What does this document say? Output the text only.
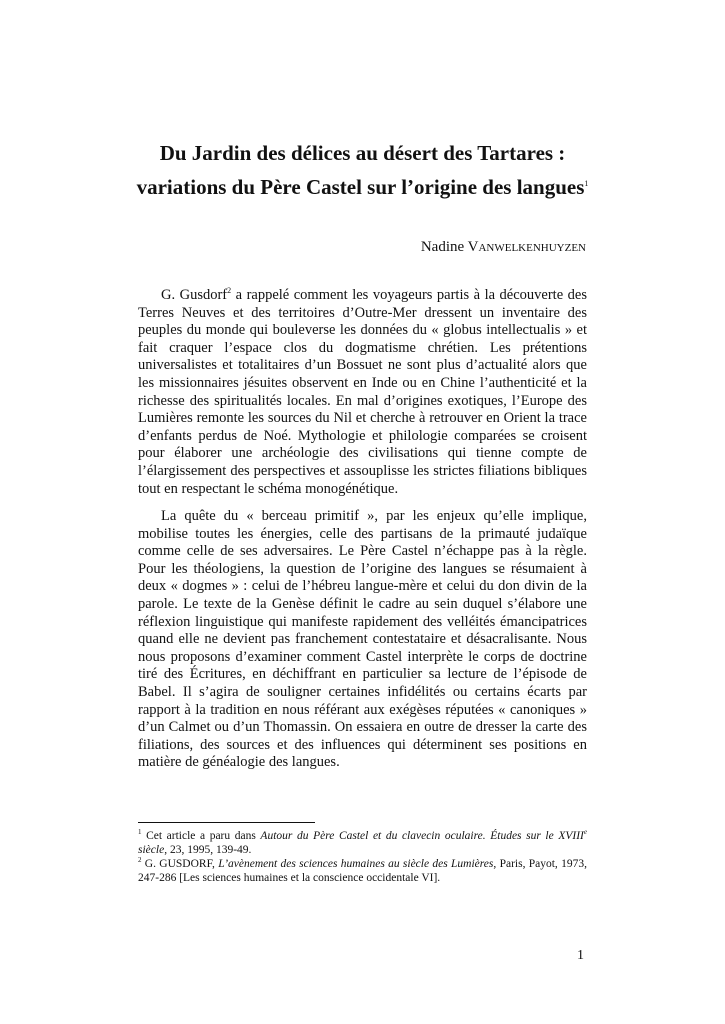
Du Jardin des délices au désert des Tartares :
variations du Père Castel sur l’origine des langues$^1$
Nadine Vanwelkenhuyzen

G. Gusdorf$^2$ a rappelé comment les voyageurs partis à la découverte des Terres Neuves et des territoires d’Outre-Mer dressent un inventaire des peuples du monde qui bouleverse les données du « globus intellectualis » et fait craquer l’espace clos du dogmatisme chrétien. Les prétentions universalistes et totalitaires d’un Bossuet ne sont plus d’actualité alors que les missionnaires jésuites observent en Inde ou en Chine l’authenticité et la richesse des spiritualités locales. En mal d’origines exotiques, l’Europe des Lumières remonte les sources du Nil et cherche à retrouver en Orient la trace d’enfants perdus de Noé. Mythologie et philologie comparées se croisent pour élaborer une archéologie des civilisations qui tienne compte de l’élargissement des perspectives et assouplisse les strictes filiations bibliques tout en respectant le schéma monogénétique.

La quête du « berceau primitif », par les enjeux qu’elle implique, mobilise toutes les énergies, celle des partisans de la primauté judaïque comme celle de ses adversaires. Le Père Castel n’échappe pas à la règle. Pour les théologiens, la question de l’origine des langues se résumaient à deux « dogmes » : celui de l’hébreu langue-mère et celui du don divin de la parole. Le texte de la Genèse définit le cadre au sein duquel s’élabore une réflexion linguistique qui manifeste rapidement des velléités émancipatrices quand elle ne devient pas franchement contestataire et désacralisante. Nous nous proposons d’examiner comment Castel interprète le corps de doctrine tiré des Écritures, en déchiffrant en particulier sa lecture de l’épisode de Babel. Il s’agira de souligner certaines infidélités ou certains écarts par rapport à la tradition en nous référant aux exégèses réputées « canoniques » d’un Calmet ou d’un Thomassin. On essaiera en outre de dresser la carte des filiations, des sources et des influences qui déterminent ses positions en matière de généalogie des langues.

$^1$ Cet article a paru dans Autour du Père Castel et du clavecin oculaire. Études sur le XVIIIe siècle, 23, 1995, 139-49.

$^2$ G. GUSDORF, L’avènement des sciences humaines au siècle des Lumières, Paris, Payot, 1973, 247-286 [Les sciences humaines et la conscience occidentale VI].

1
